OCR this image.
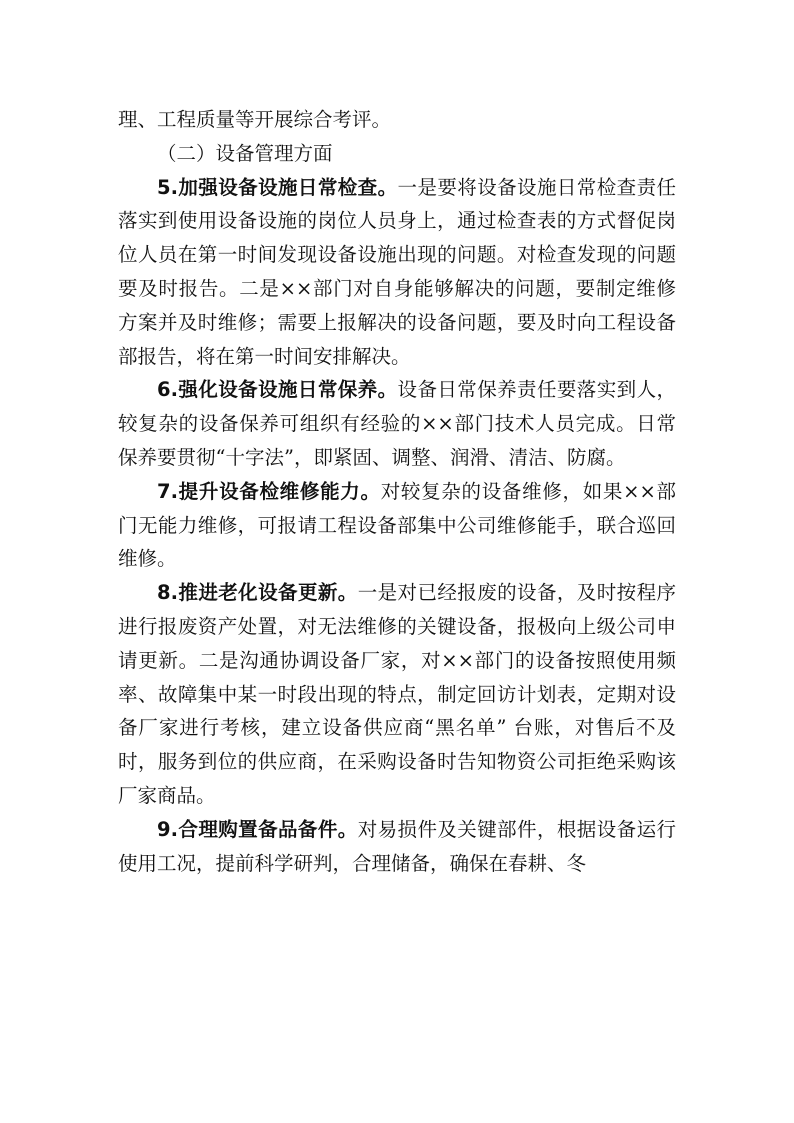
理、工程质量等开展综合考评。

（二）设备管理方面

5.加强设备设施日常检查。一是要将设备设施日常检查责任落实到使用设备设施的岗位人员身上，通过检查表的方式督促岗位人员在第一时间发现设备设施出现的问题。对检查发现的问题要及时报告。二是××部门对自身能够解决的问题，要制定维修方案并及时维修；需要上报解决的设备问题，要及时向工程设备部报告，将在第一时间安排解决。

6.强化设备设施日常保养。设备日常保养责任要落实到人，较复杂的设备保养可组织有经验的××部门技术人员完成。日常保养要贯彻“十字法”，即紧固、调整、润滑、清洁、防腐。

7.提升设备检维修能力。对较复杂的设备维修，如果××部门无能力维修，可报请工程设备部集中公司维修能手，联合巡回维修。

8.推进老化设备更新。一是对已经报废的设备，及时按程序进行报废资产处置，对无法维修的关键设备，报极向上级公司申请更新。二是沟通协调设备厂家，对××部门的设备按照使用频率、故障集中某一时段出现的特点，制定回访计划表，定期对设备厂家进行考核，建立设备供应商“黑名单” 台账，对售后不及时，服务到位的供应商，在采购设备时告知物资公司拒绝采购该厂家商品。

9.合理购置备品备件。对易损件及关键部件，根据设备运行使用工况，提前科学研判，合理储备，确保在春耕、冬
